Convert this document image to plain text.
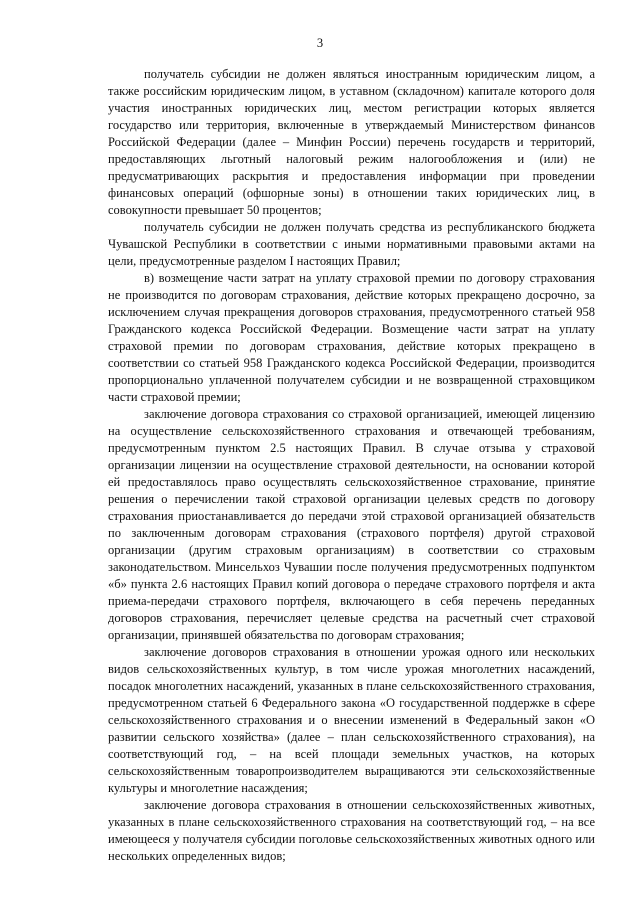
3

получатель субсидии не должен являться иностранным юридическим лицом, а также российским юридическим лицом, в уставном (складочном) капитале которого доля участия иностранных юридических лиц, местом регистрации которых является государство или территория, включенные в утверждаемый Министерством финансов Российской Федерации (далее – Минфин России) перечень государств и территорий, предоставляющих льготный налоговый режим налогообложения и (или) не предусматривающих раскрытия и предоставления информации при проведении финансовых операций (офшорные зоны) в отношении таких юридических лиц, в совокупности превышает 50 процентов;

получатель субсидии не должен получать средства из республиканского бюджета Чувашской Республики в соответствии с иными нормативными правовыми актами на цели, предусмотренные разделом I настоящих Правил;

в) возмещение части затрат на уплату страховой премии по договору страхования не производится по договорам страхования, действие которых прекращено досрочно, за исключением случая прекращения договоров страхования, предусмотренного статьей 958 Гражданского кодекса Российской Федерации. Возмещение части затрат на уплату страховой премии по договорам страхования, действие которых прекращено в соответствии со статьей 958 Гражданского кодекса Российской Федерации, производится пропорционально уплаченной получателем субсидии и не возвращенной страховщиком части страховой премии;

заключение договора страхования со страховой организацией, имеющей лицензию на осуществление сельскохозяйственного страхования и отвечающей требованиям, предусмотренным пунктом 2.5 настоящих Правил. В случае отзыва у страховой организации лицензии на осуществление страховой деятельности, на основании которой ей предоставлялось право осуществлять сельскохозяйственное страхование, принятие решения о перечислении такой страховой организации целевых средств по договору страхования приостанавливается до передачи этой страховой организацией обязательств по заключенным договорам страхования (страхового портфеля) другой страховой организации (другим страховым организациям) в соответствии со страховым законодательством. Минсельхоз Чувашии после получения предусмотренных подпунктом «б» пункта 2.6 настоящих Правил копий договора о передаче страхового портфеля и акта приема-передачи страхового портфеля, включающего в себя перечень переданных договоров страхования, перечисляет целевые средства на расчетный счет страховой организации, принявшей обязательства по договорам страхования;

заключение договоров страхования в отношении урожая одного или нескольких видов сельскохозяйственных культур, в том числе урожая многолетних насаждений, посадок многолетних насаждений, указанных в плане сельскохозяйственного страхования, предусмотренном статьей 6 Федерального закона «О государственной поддержке в сфере сельскохозяйственного страхования и о внесении изменений в Федеральный закон «О развитии сельского хозяйства» (далее – план сельскохозяйственного страхования), на соответствующий год, – на всей площади земельных участков, на которых сельскохозяйственным товаропроизводителем выращиваются эти сельскохозяйственные культуры и многолетние насаждения;

заключение договора страхования в отношении сельскохозяйственных животных, указанных в плане сельскохозяйственного страхования на соответствующий год, – на все имеющееся у получателя субсидии поголовье сельскохозяйственных животных одного или нескольких определенных видов;
